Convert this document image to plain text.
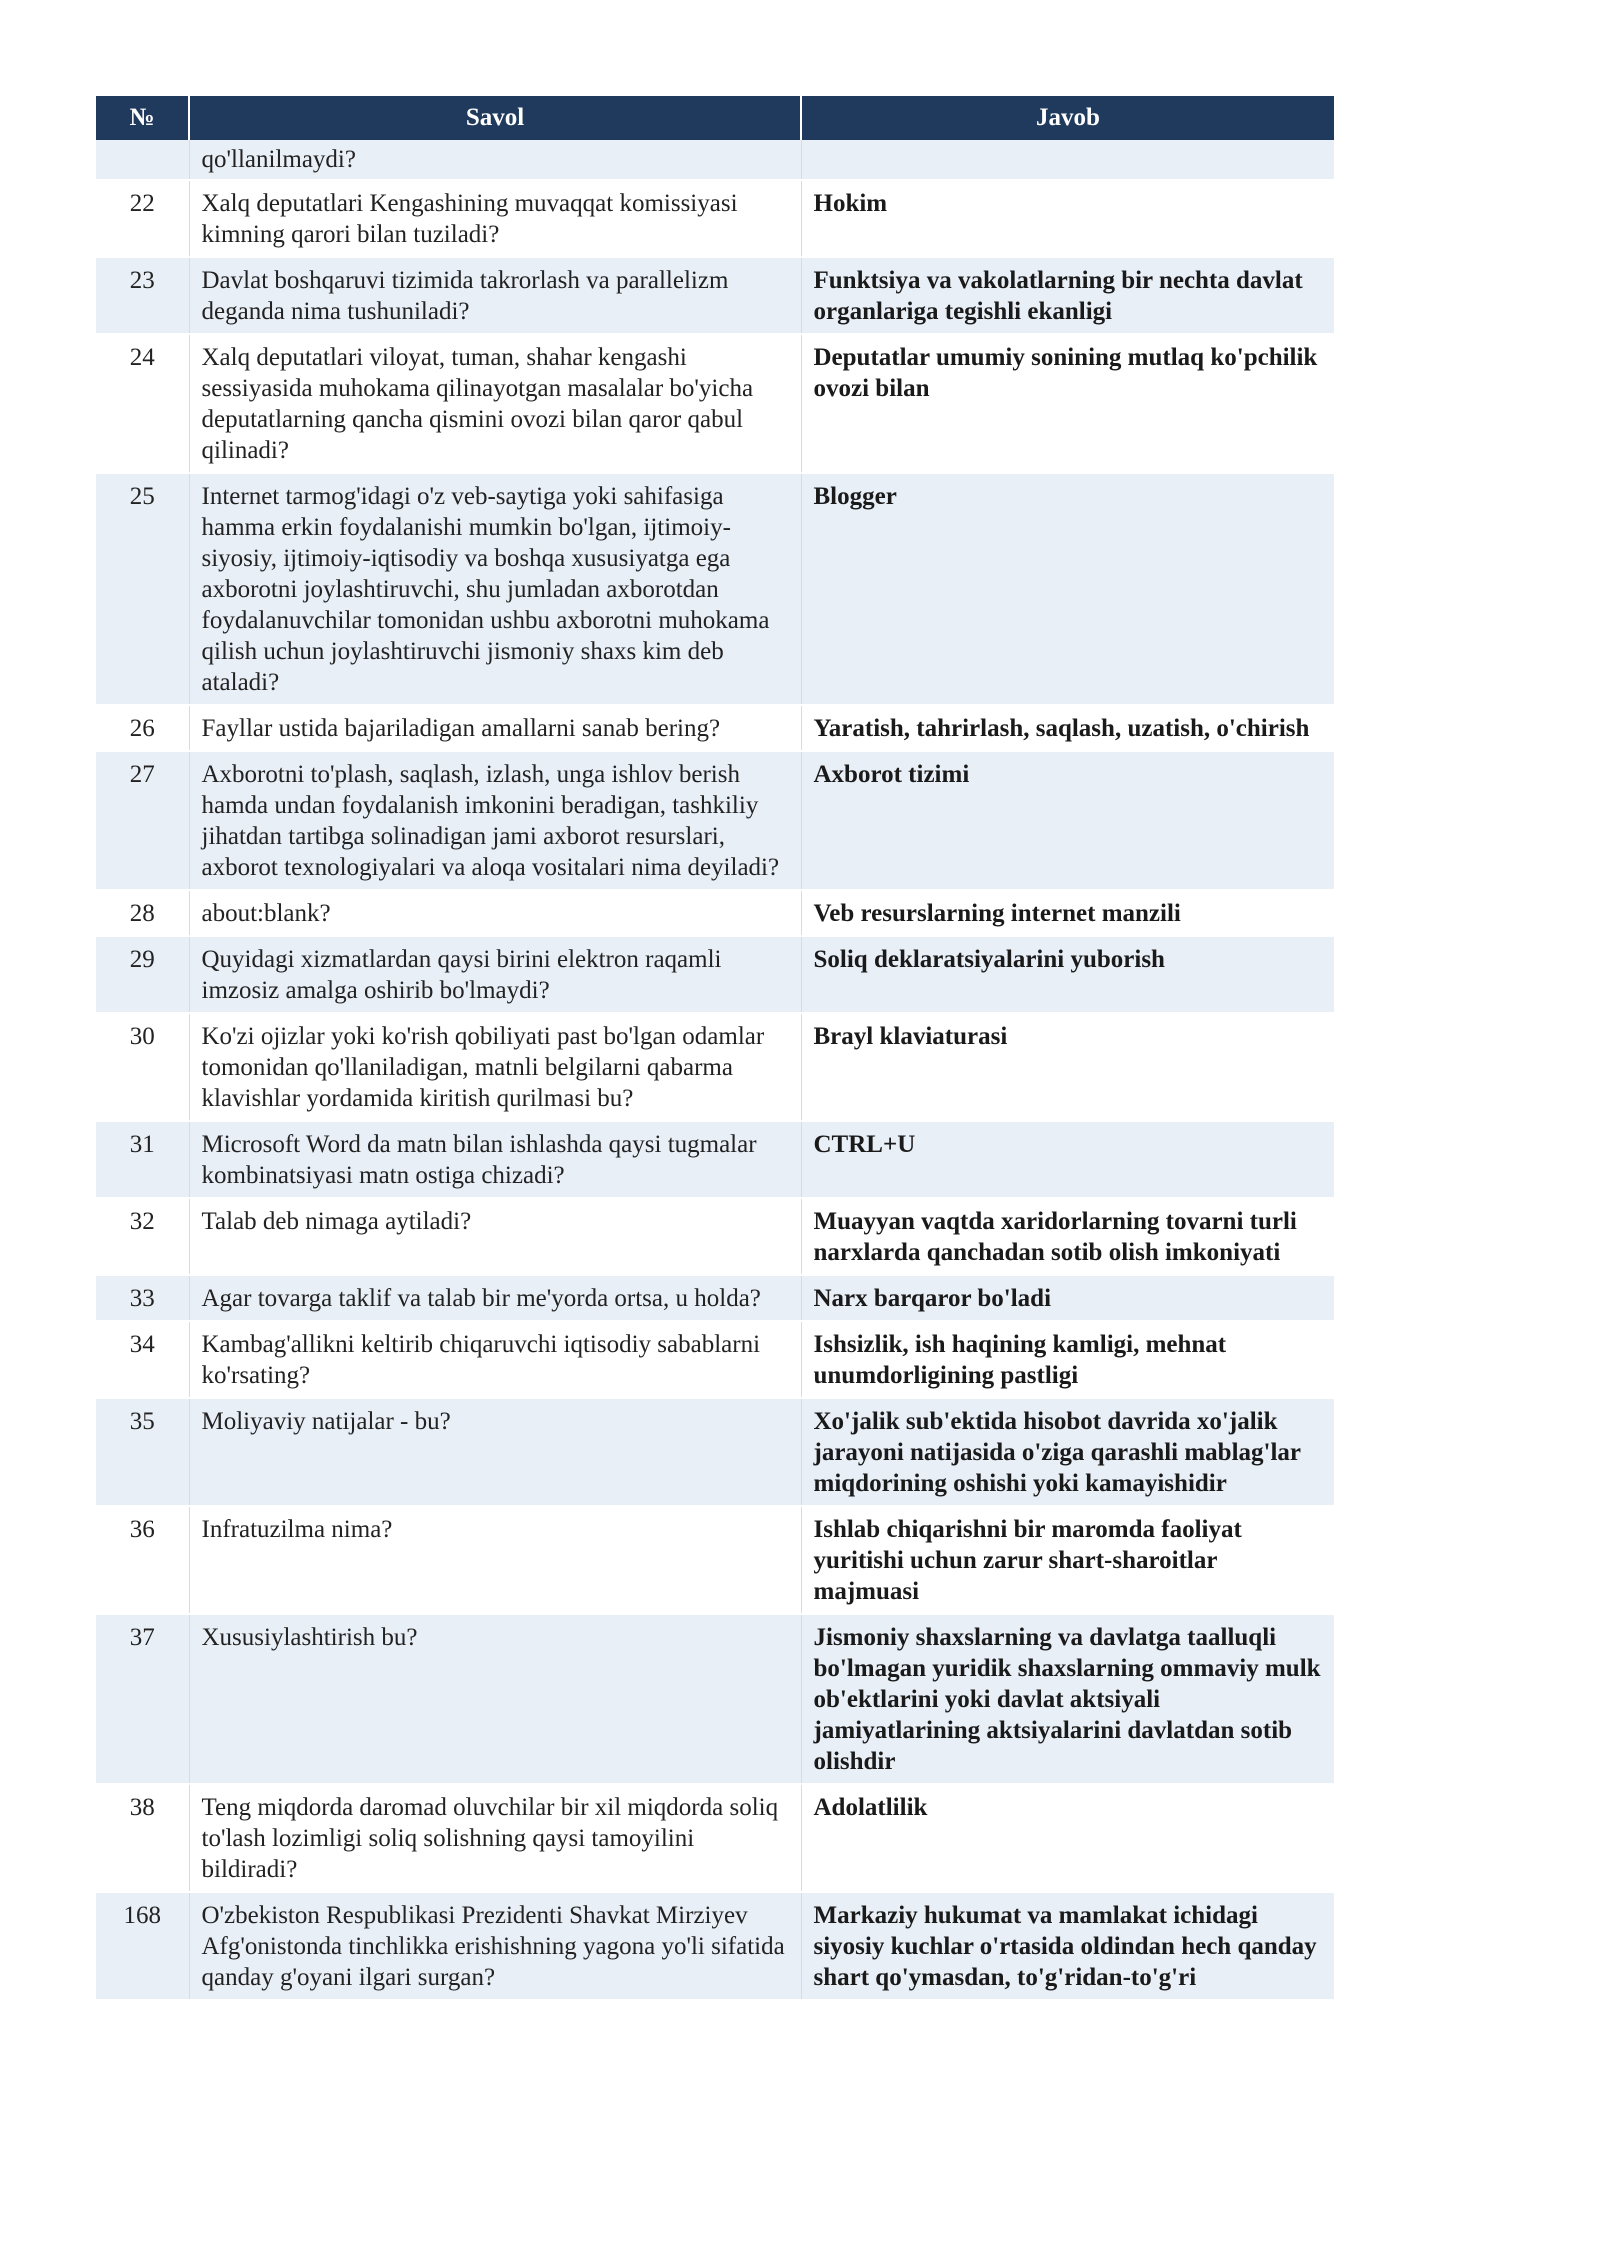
№	Savol	Javob
	qo'llanilmaydi?	
22	Xalq deputatlari Kengashining muvaqqat komissiyasi kimning qarori bilan tuziladi?	Hokim
23	Davlat boshqaruvi tizimida takrorlash va parallelizm deganda nima tushuniladi?	Funktsiya va vakolatlarning bir nechta davlat organlariga tegishli ekanligi
24	Xalq deputatlari viloyat, tuman, shahar kengashi sessiyasida muhokama qilinayotgan masalalar bo'yicha deputatlarning qancha qismini ovozi bilan qaror qabul qilinadi?	Deputatlar umumiy sonining mutlaq ko'pchilik ovozi bilan
25	Internet tarmog'idagi o'z veb-saytiga yoki sahifasiga hamma erkin foydalanishi mumkin bo'lgan, ijtimoiy-siyosiy, ijtimoiy-iqtisodiy va boshqa xususiyatga ega axborotni joylashtiruvchi, shu jumladan axborotdan foydalanuvchilar tomonidan ushbu axborotni muhokama qilish uchun joylashtiruvchi jismoniy shaxs kim deb ataladi?	Blogger
26	Fayllar ustida bajariladigan amallarni sanab bering?	Yaratish, tahrirlash, saqlash, uzatish, o'chirish
27	Axborotni to'plash, saqlash, izlash, unga ishlov berish hamda undan foydalanish imkonini beradigan, tashkiliy jihatdan tartibga solinadigan jami axborot resurslari, axborot texnologiyalari va aloqa vositalari nima deyiladi?	Axborot tizimi
28	about:blank?	Veb resurslarning internet manzili
29	Quyidagi xizmatlardan qaysi birini elektron raqamli imzosiz amalga oshirib bo'lmaydi?	Soliq deklaratsiyalarini yuborish
30	Ko'zi ojizlar yoki ko'rish qobiliyati past bo'lgan odamlar tomonidan qo'llaniladigan, matnli belgilarni qabarma klavishlar yordamida kiritish qurilmasi bu?	Brayl klaviaturasi
31	Microsoft Word da matn bilan ishlashda qaysi tugmalar kombinatsiyasi matn ostiga chizadi?	CTRL+U
32	Talab deb nimaga aytiladi?	Muayyan vaqtda xaridorlarning tovarni turli narxlarda qanchadan sotib olish imkoniyati
33	Agar tovarga taklif va talab bir me'yorda ortsa, u holda?	Narx barqaror bo'ladi
34	Kambag'allikni keltirib chiqaruvchi iqtisodiy sabablarni ko'rsating?	Ishsizlik, ish haqining kamligi, mehnat unumdorligining pastligi
35	Moliyaviy natijalar - bu?	Xo'jalik sub'ektida hisobot davrida xo'jalik jarayoni natijasida o'ziga qarashli mablag'lar miqdorining oshishi yoki kamayishidir
36	Infratuzilma nima?	Ishlab chiqarishni bir maromda faoliyat yuritishi uchun zarur shart-sharoitlar majmuasi
37	Xususiylashtirish bu?	Jismoniy shaxslarning va davlatga taalluqli bo'lmagan yuridik shaxslarning ommaviy mulk ob'ektlarini yoki davlat aktsiyali jamiyatlarining aktsiyalarini davlatdan sotib olishdir
38	Teng miqdorda daromad oluvchilar bir xil miqdorda soliq to'lash lozimligi soliq solishning qaysi tamoyilini bildiradi?	Adolatlilik
168	O'zbekiston Respublikasi Prezidenti Shavkat Mirziyev Afg'onistonda tinchlikka erishishning yagona yo'li sifatida qanday g'oyani ilgari surgan?	Markaziy hukumat va mamlakat ichidagi siyosiy kuchlar o'rtasida oldindan hech qanday shart qo'ymasdan, to'g'ridan-to'g'ri
